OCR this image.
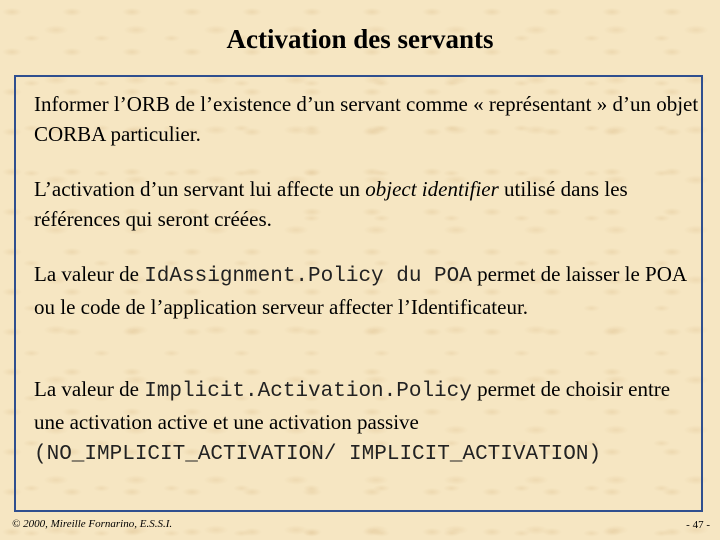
Activation des servants
Informer l’ORB de l’existence d’un servant comme « représentant » d’un objet CORBA particulier.
L’activation d’un servant lui affecte un object identifier utilisé dans les références qui seront créées.
La valeur de IdAssignment.Policy du POA permet de laisser le POA ou le code de l’application serveur affecter l’Identificateur.
La valeur de Implicit.Activation.Policy permet de choisir entre une activation active et une activation passive (NO_IMPLICIT_ACTIVATION/ IMPLICIT_ACTIVATION)
© 2000, Mireille Fornarino, E.S.S.I.	- 47 -
